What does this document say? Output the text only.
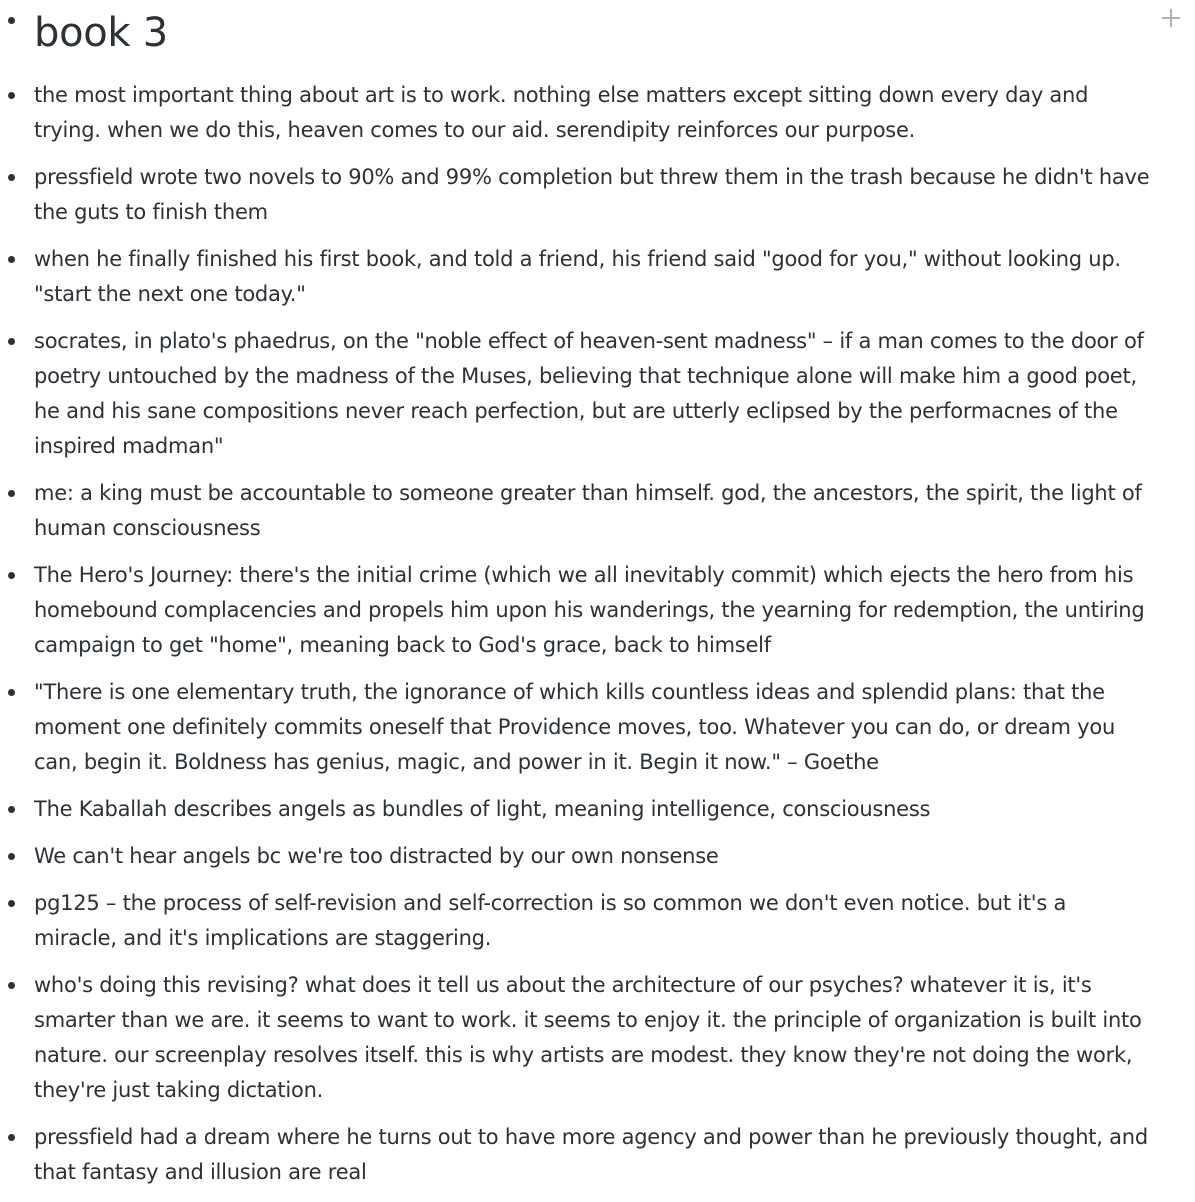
book 3
the most important thing about art is to work. nothing else matters except sitting down every day and trying. when we do this, heaven comes to our aid. serendipity reinforces our purpose.
pressfield wrote two novels to 90% and 99% completion but threw them in the trash because he didn't have the guts to finish them
when he finally finished his first book, and told a friend, his friend said "good for you," without looking up. "start the next one today."
socrates, in plato's phaedrus, on the "noble effect of heaven-sent madness" – if a man comes to the door of poetry untouched by the madness of the Muses, believing that technique alone will make him a good poet, he and his sane compositions never reach perfection, but are utterly eclipsed by the performacnes of the inspired madman"
me: a king must be accountable to someone greater than himself. god, the ancestors, the spirit, the light of human consciousness
The Hero's Journey: there's the initial crime (which we all inevitably commit) which ejects the hero from his homebound complacencies and propels him upon his wanderings, the yearning for redemption, the untiring campaign to get "home", meaning back to God's grace, back to himself
"There is one elementary truth, the ignorance of which kills countless ideas and splendid plans: that the moment one definitely commits oneself that Providence moves, too. Whatever you can do, or dream you can, begin it. Boldness has genius, magic, and power in it. Begin it now." – Goethe
The Kaballah describes angels as bundles of light, meaning intelligence, consciousness
We can't hear angels bc we're too distracted by our own nonsense
pg125 – the process of self-revision and self-correction is so common we don't even notice. but it's a miracle, and it's implications are staggering.
who's doing this revising? what does it tell us about the architecture of our psyches? whatever it is, it's smarter than we are. it seems to want to work. it seems to enjoy it. the principle of organization is built into nature. our screenplay resolves itself. this is why artists are modest. they know they're not doing the work, they're just taking dictation.
pressfield had a dream where he turns out to have more agency and power than he previously thought, and that fantasy and illusion are real
